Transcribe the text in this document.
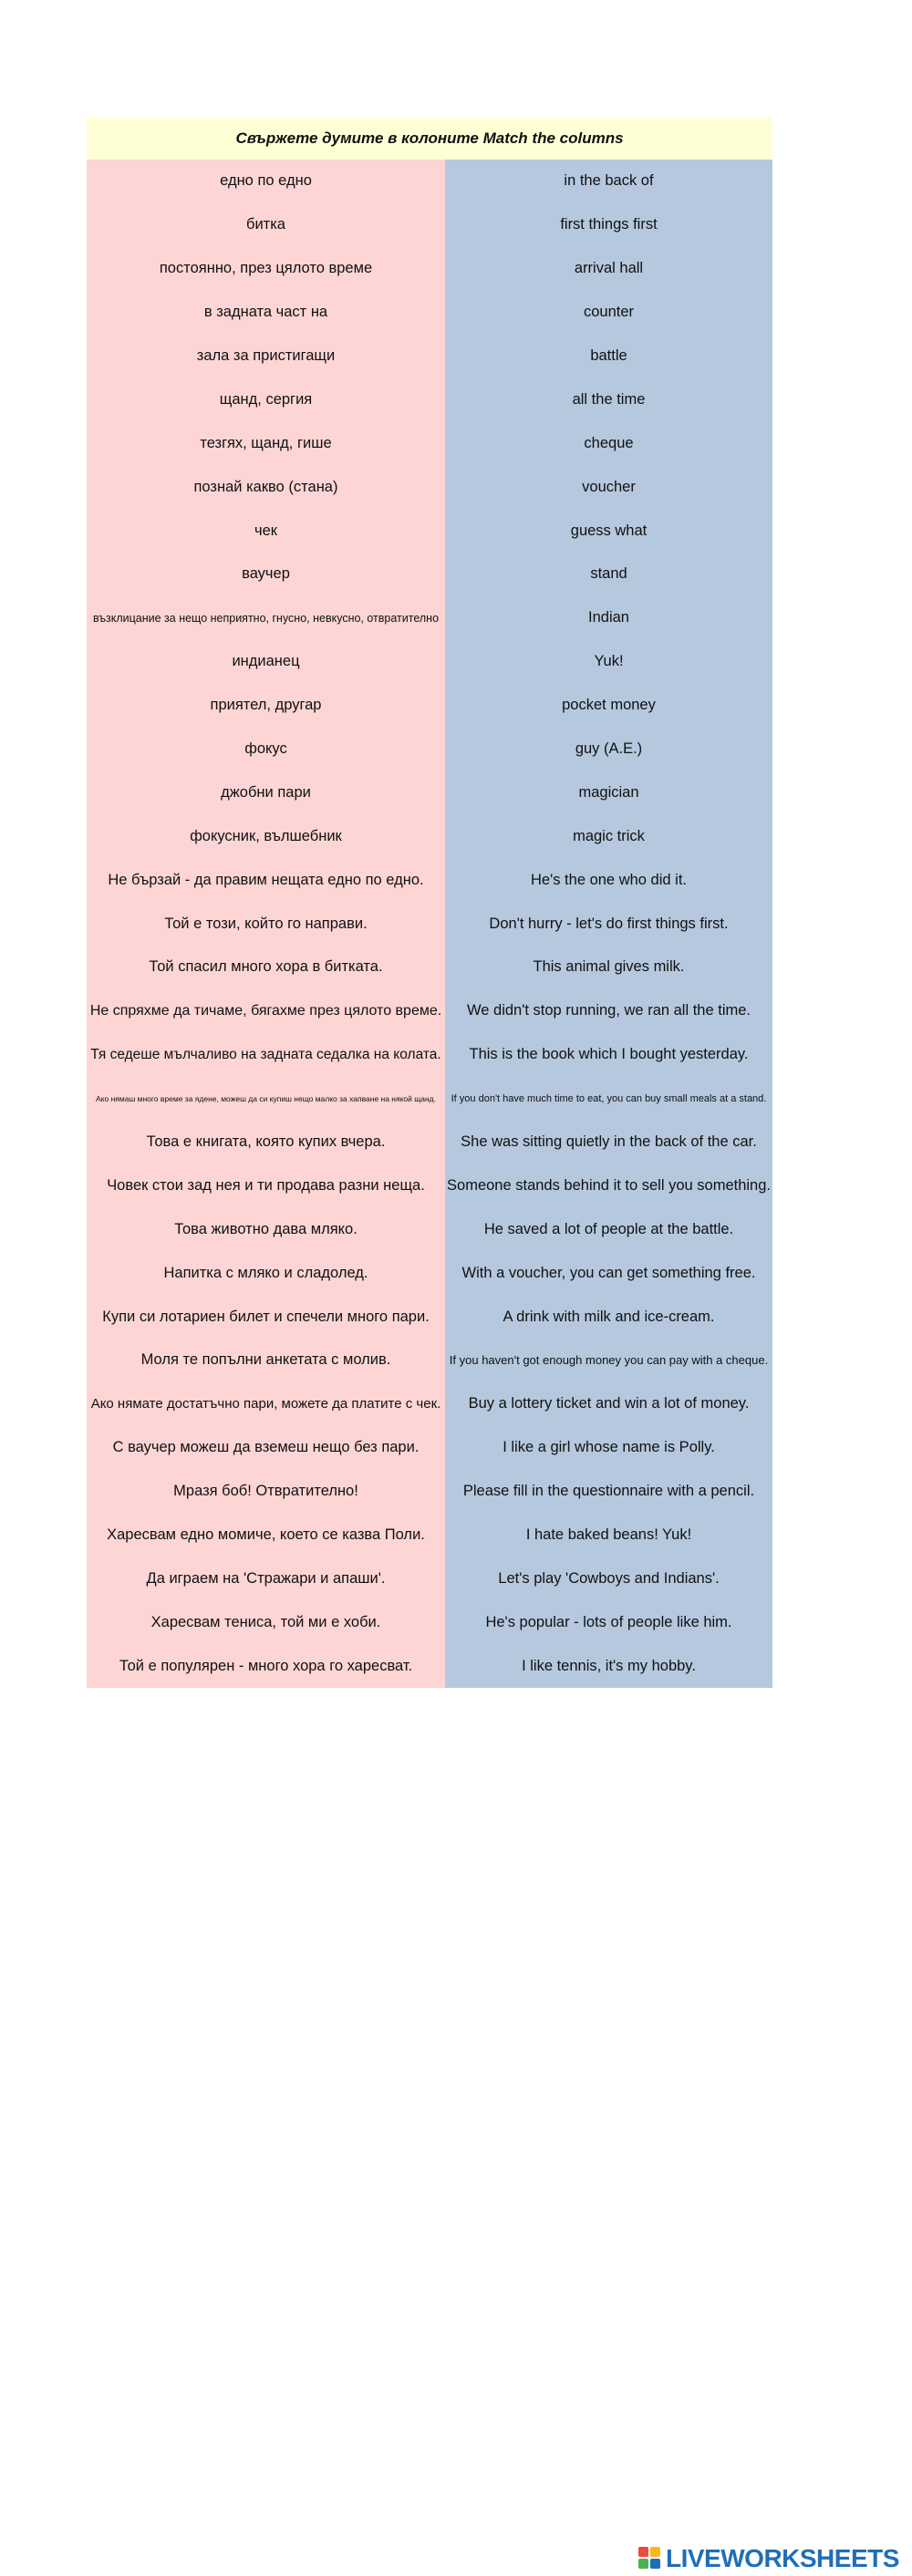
Свържете думите в колоните Match the columns
едно по едно
битка
постоянно, през цялото време
в задната част на
зала за пристигащи
щанд, сергия
тезгях, щанд, гише
познай какво (стана)
чек
ваучер
възклицание за нещо неприятно, гнусно, невкусно, отвратително
индианец
приятел, другар
фокус
джобни пари
фокусник, вълшебник
Не бързай - да правим нещата едно по едно.
Той е този, който го направи.
Той спасил много хора в битката.
Не спряхме да тичаме, бягахме през цялото време.
Тя седеше мълчаливо на задната седалка на колата.
Ако нямаш много време за ядене, можеш да си купиш нещо малко за хапване на някой щанд.
Това е книгата, която купих вчера.
Човек стои зад нея и ти продава разни неща.
Това животно дава мляко.
Напитка с мляко и сладолед.
Купи си лотариен билет и спечели много пари.
Моля те попълни анкетата с молив.
Ако нямате достатъчно пари, можете да платите с чек.
С ваучер можеш да вземеш нещо без пари.
Мразя боб! Отвратително!
Харесвам едно момиче, което се казва Поли.
Да играем на 'Стражари и апаши'.
Харесвам тениса, той ми е хоби.
Той е популярен - много хора го харесват.
in the back of
first things first
arrival hall
counter
battle
all the time
cheque
voucher
guess what
stand
Indian
Yuk!
pocket money
guy (A.E.)
magician
magic trick
He's the one who did it.
Don't hurry - let's do first things first.
This animal gives milk.
We didn't stop running, we ran all the time.
This is the book which I bought yesterday.
If you don't have much time to eat, you can buy small meals at a stand.
She was sitting quietly in the back of the car.
Someone stands behind it to sell you something.
He saved a lot of people at the battle.
With a voucher, you can get something free.
A drink with milk and ice-cream.
If you haven't got enough money you can pay with a cheque.
Buy a lottery ticket and win a lot of money.
I like a girl whose name is Polly.
Please fill in the questionnaire with a pencil.
I hate baked beans! Yuk!
Let's play 'Cowboys and Indians'.
He's popular - lots of people like him.
I like tennis, it's my hobby.
LIVEWORKSHEETS
